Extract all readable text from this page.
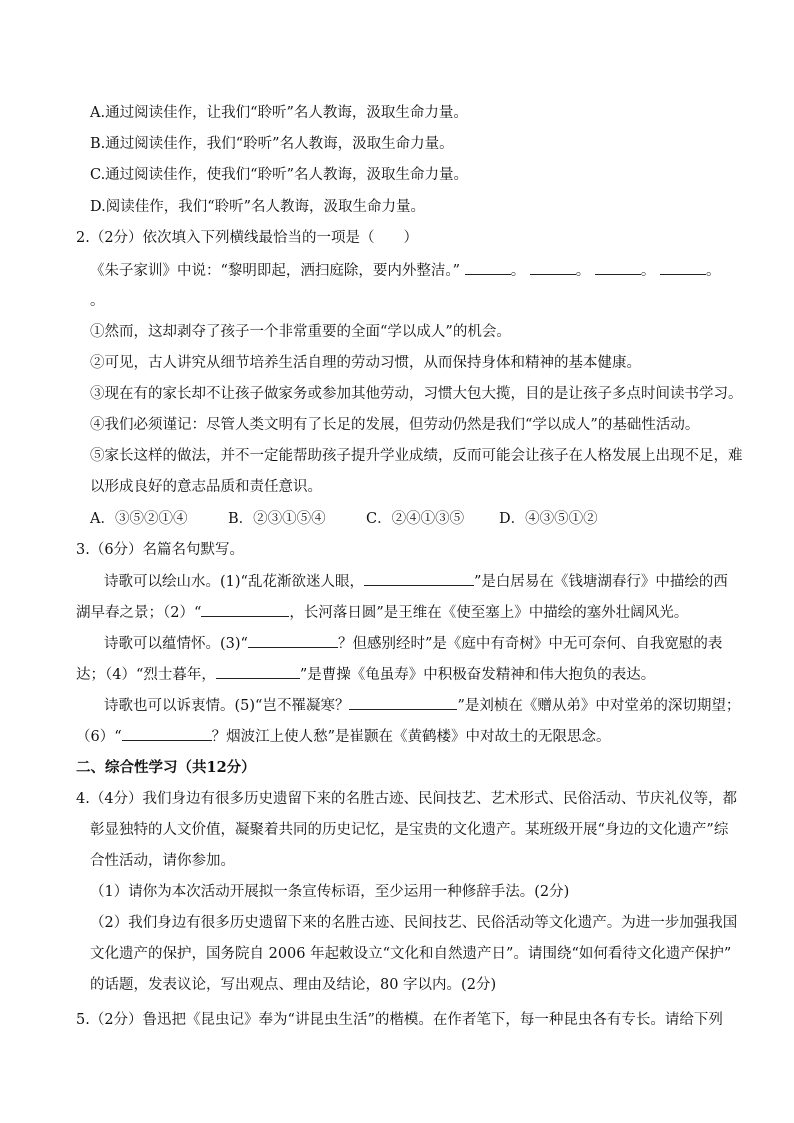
A.通过阅读佳作，让我们“聆听”名人教诲，汲取生命力量。
B.通过阅读佳作，我们“聆听”名人教诲，汲取生命力量。
C.通过阅读佳作，使我们“聆听”名人教诲，汲取生命力量。
D.阅读佳作，我们“聆听”名人教诲，汲取生命力量。
2.（2分）依次填入下列横线最恰当的一项是（　　）
《朱子家训》中说：“黎明即起，洒扫庭除，要内外整洁。”	。	。	。	。
。
①然而，这却剥夺了孩子一个非常重要的全面“学以成人”的机会。
②可见，古人讲究从细节培养生活自理的劳动习惯，从而保持身体和精神的基本健康。
③现在有的家长却不让孩子做家务或参加其他劳动，习惯大包大揽，目的是让孩子多点时间读书学习。
④我们必须谨记：尽管人类文明有了长足的发展，但劳动仍然是我们“学以成人”的基础性活动。
⑤家长这样的做法，并不一定能帮助孩子提升学业成绩，反而可能会让孩子在人格发展上出现不足，难
以形成良好的意志品质和责任意识。
A．③⑤②①④	B．②③①⑤④	C．②④①③⑤ D．④③⑤①②
3.（6分）名篇名句默写。
诗歌可以绘山水。(1)“乱花渐欲迷人眼，	”是白居易在《钱塘湖春行》中描绘的西
湖早春之景；（2）“	，长河落日圆”是王维在《使至塞上》中描绘的塞外壮阔风光。
诗歌可以蕴情怀。(3)“	？但感别经时”是《庭中有奇树》中无可奈何、自我宽慰的表
达；（4）“烈士暮年，	”是曹操《龟虽寿》中积极奋发精神和伟大抱负的表达。
诗歌也可以诉衷情。(5)“岂不罹凝寒？	”是刘桢在《赠从弟》中对堂弟的深切期望；
（6）“	？烟波江上使人愁”是崔颢在《黄鹤楼》中对故土的无限思念。
二、综合性学习（共12分）
4.（4分）我们身边有很多历史遗留下来的名胜古迹、民间技艺、艺术形式、民俗活动、节庆礼仪等，都
彰显独特的人文价值，凝聚着共同的历史记忆，是宝贵的文化遗产。某班级开展“身边的文化遗产”综
合性活动，请你参加。
（1）请你为本次活动开展拟一条宣传标语，至少运用一种修辞手法。(2分)
（2）我们身边有很多历史遗留下来的名胜古迹、民间技艺、民俗活动等文化遗产。为进一步加强我国
文化遗产的保护，国务院自 2006 年起敕设立“文化和自然遗产日”。请围绕“如何看待文化遗产保护”
的话题，发表议论，写出观点、理由及结论，80 字以内。(2分)
5.（2分）鲁迅把《昆虫记》奉为“讲昆虫生活”的楷模。在作者笔下，每一种昆虫各有专长。请给下列
